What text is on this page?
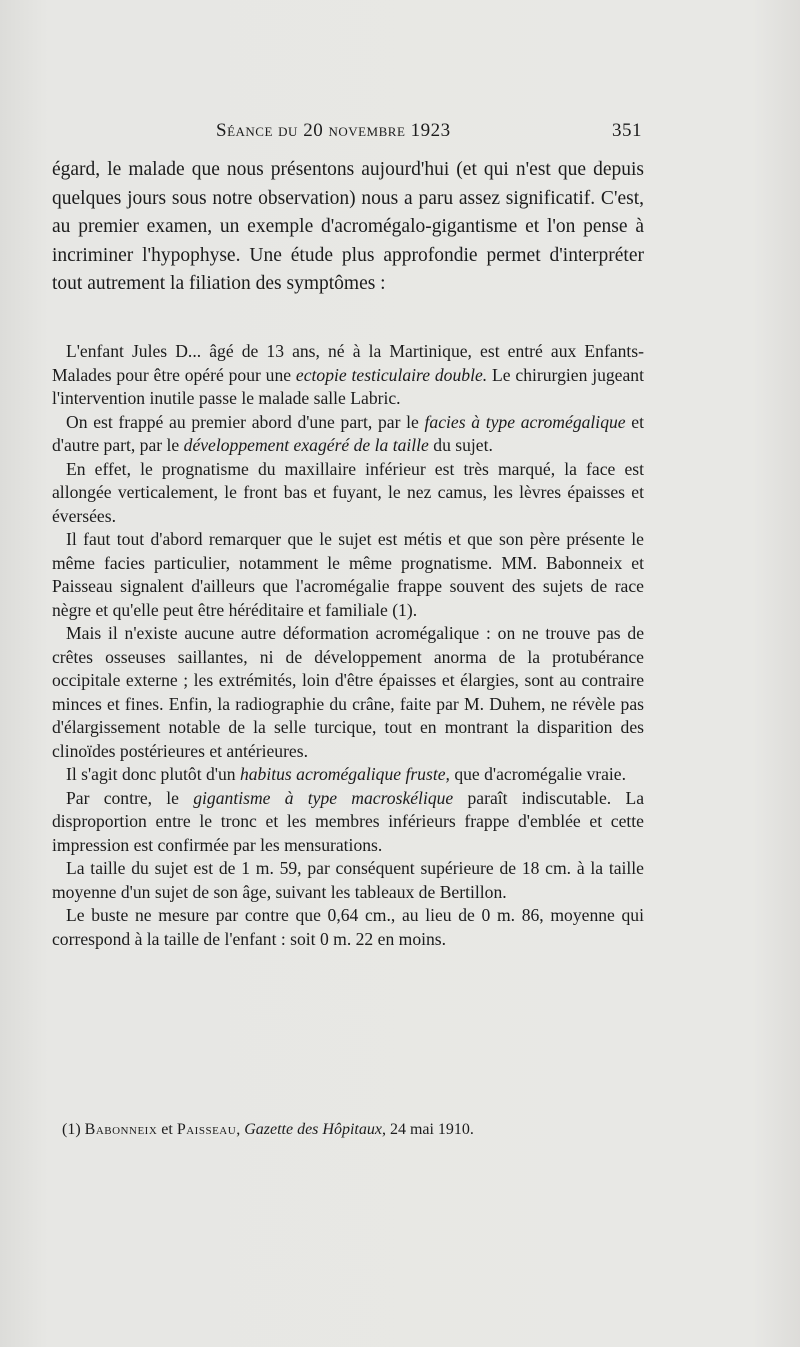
Séance du 20 novembre 1923	351

égard, le malade que nous présentons aujourd'hui (et qui n'est que depuis quelques jours sous notre observation) nous a paru assez significatif. C'est, au premier examen, un exemple d'acromégalo-gigantisme et l'on pense à incriminer l'hypophyse. Une étude plus approfondie permet d'interpréter tout autrement la filiation des symptômes :

L'enfant Jules D... âgé de 13 ans, né à la Martinique, est entré aux Enfants-Malades pour être opéré pour une ectopie testiculaire double. Le chirurgien jugeant l'intervention inutile passe le malade salle Labric.

On est frappé au premier abord d'une part, par le facies à type acromégalique et d'autre part, par le développement exagéré de la taille du sujet.

En effet, le prognatisme du maxillaire inférieur est très marqué, la face est allongée verticalement, le front bas et fuyant, le nez camus, les lèvres épaisses et éversées.

Il faut tout d'abord remarquer que le sujet est métis et que son père présente le même facies particulier, notamment le même prognatisme. MM. Babonneix et Paisseau signalent d'ailleurs que l'acromégalie frappe souvent des sujets de race nègre et qu'elle peut être héréditaire et familiale (1).

Mais il n'existe aucune autre déformation acromégalique : on ne trouve pas de crêtes osseuses saillantes, ni de développement anorma de la protubérance occipitale externe ; les extrémités, loin d'être épaisses et élargies, sont au contraire minces et fines. Enfin, la radiographie du crâne, faite par M. Duhem, ne révèle pas d'élargissement notable de la selle turcique, tout en montrant la disparition des clinoïdes postérieures et antérieures.

Il s'agit donc plutôt d'un habitus acromégalique fruste, que d'acromégalie vraie.

Par contre, le gigantisme à type macroskélique paraît indiscutable. La disproportion entre le tronc et les membres inférieurs frappe d'emblée et cette impression est confirmée par les mensurations.

La taille du sujet est de 1 m. 59, par conséquent supérieure de 18 cm. à la taille moyenne d'un sujet de son âge, suivant les tableaux de Bertillon.

Le buste ne mesure par contre que 0,64 cm., au lieu de 0 m. 86, moyenne qui correspond à la taille de l'enfant : soit 0 m. 22 en moins.

(1) Babonneix et Paisseau, Gazette des Hôpitaux, 24 mai 1910.
